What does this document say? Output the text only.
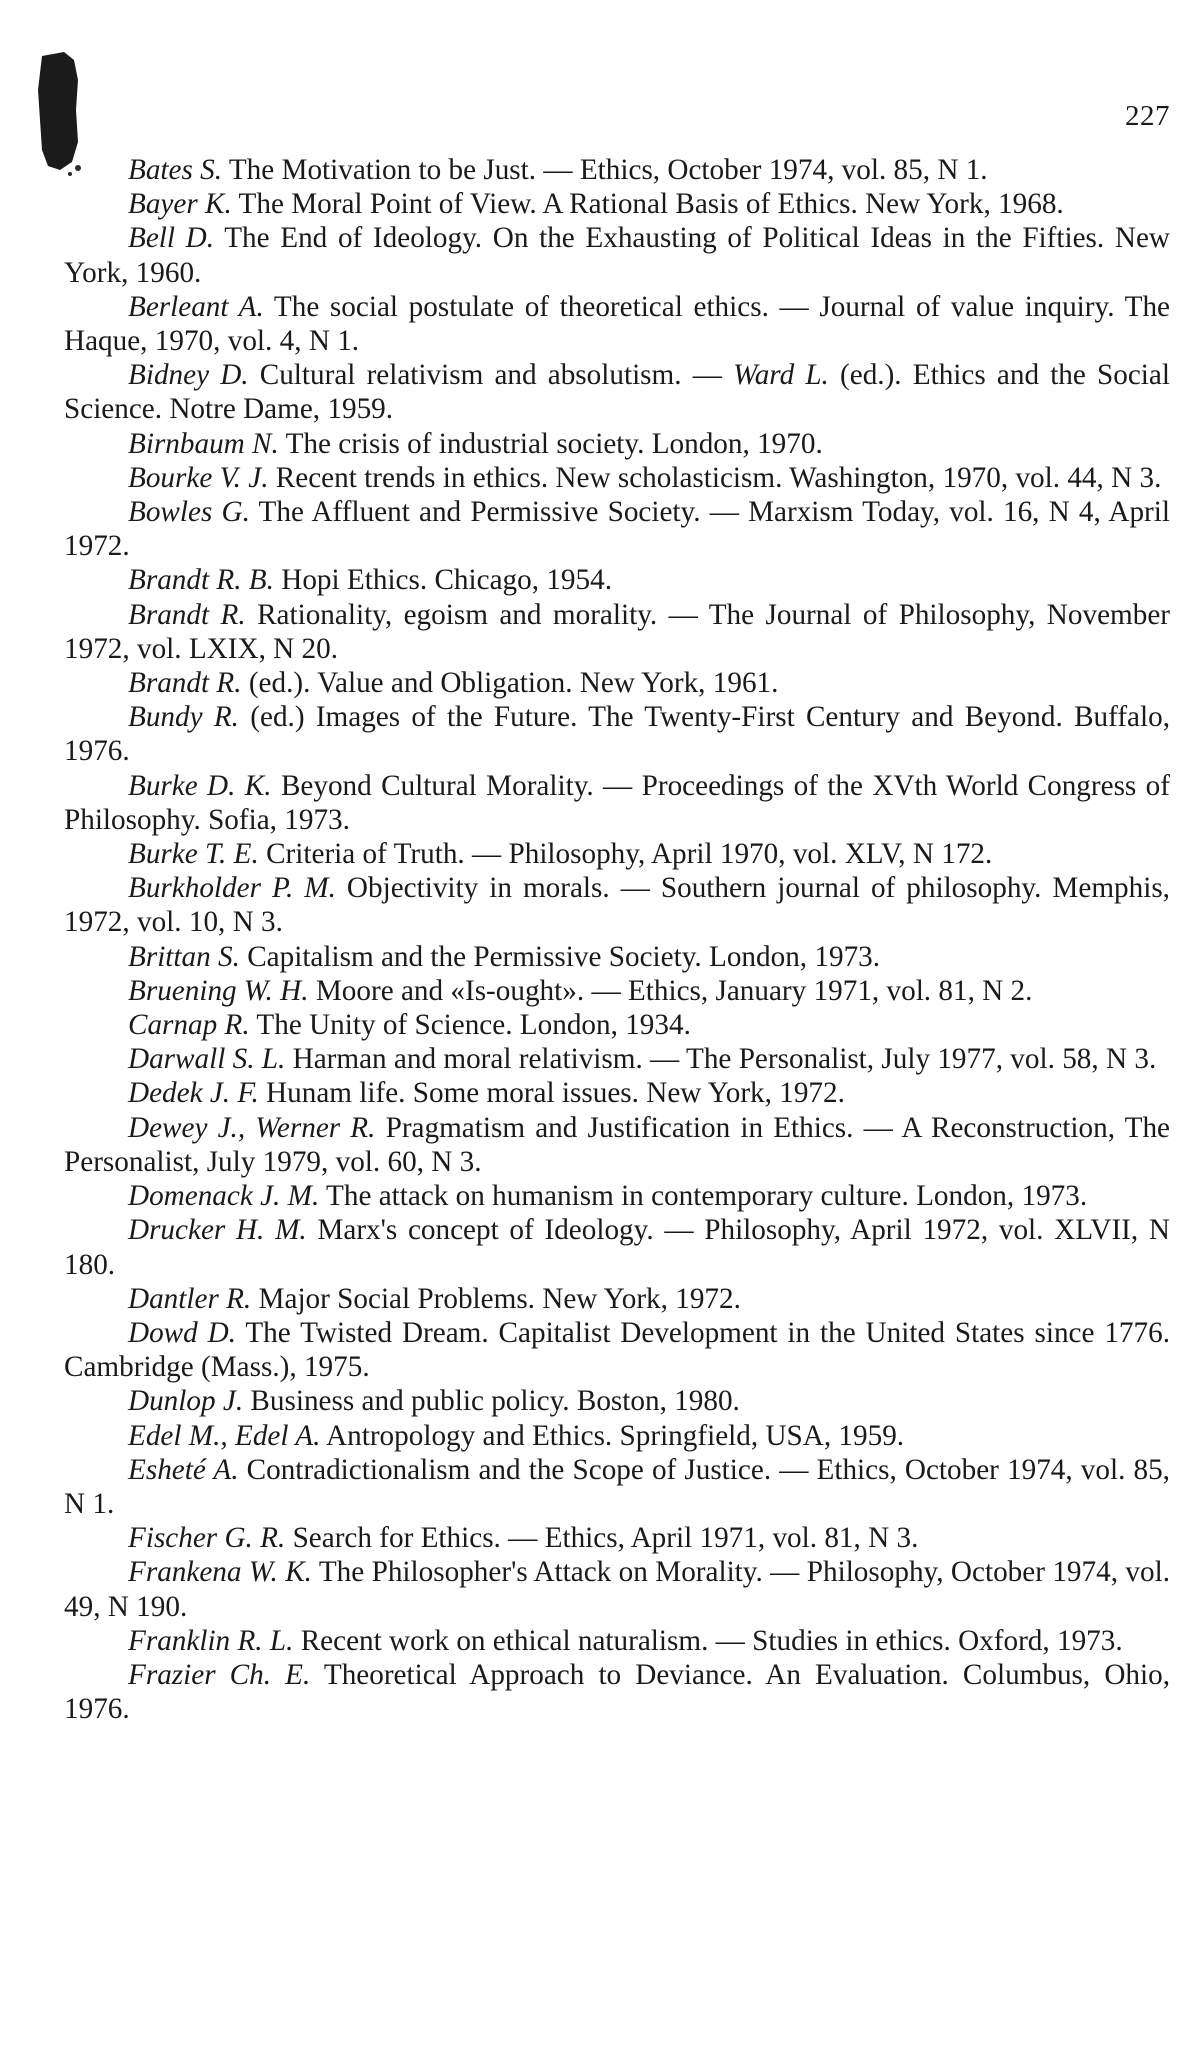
227

Bates S. The Motivation to be Just. — Ethics, October 1974, vol. 85, N 1.

Bayer K. The Moral Point of View. A Rational Basis of Ethics. New York, 1968.

Bell D. The End of Ideology. On the Exhausting of Political Ideas in the Fifties. New York, 1960.

Berleant A. The social postulate of theoretical ethics. — Journal of value inquiry. The Haque, 1970, vol. 4, N 1.

Bidney D. Cultural relativism and absolutism. — Ward L. (ed.). Ethics and the Social Science. Notre Dame, 1959.

Birnbaum N. The crisis of industrial society. London, 1970.

Bourke V. J. Recent trends in ethics. New scholasticism. Washington, 1970, vol. 44, N 3.

Bowles G. The Affluent and Permissive Society. — Marxism Today, vol. 16, N 4, April 1972.

Brandt R. B. Hopi Ethics. Chicago, 1954.

Brandt R. Rationality, egoism and morality. — The Journal of Philosophy, November 1972, vol. LXIX, N 20.

Brandt R. (ed.). Value and Obligation. New York, 1961.

Bundy R. (ed.) Images of the Future. The Twenty-First Century and Beyond. Buffalo, 1976.

Burke D. K. Beyond Cultural Morality. — Proceedings of the XVth World Congress of Philosophy. Sofia, 1973.

Burke T. E. Criteria of Truth. — Philosophy, April 1970, vol. XLV, N 172.

Burkholder P. M. Objectivity in morals. — Southern journal of philosophy. Memphis, 1972, vol. 10, N 3.

Brittan S. Capitalism and the Permissive Society. London, 1973.

Bruening W. H. Moore and «Is-ought». — Ethics, January 1971, vol. 81, N 2.

Carnap R. The Unity of Science. London, 1934.

Darwall S. L. Harman and moral relativism. — The Personalist, July 1977, vol. 58, N 3.

Dedek J. F. Hunam life. Some moral issues. New York, 1972.

Dewey J., Werner R. Pragmatism and Justification in Ethics. — A Reconstruction, The Personalist, July 1979, vol. 60, N 3.

Domenack J. M. The attack on humanism in contemporary culture. London, 1973.

Drucker H. M. Marx's concept of Ideology. — Philosophy, April 1972, vol. XLVII, N 180.

Dantler R. Major Social Problems. New York, 1972.

Dowd D. The Twisted Dream. Capitalist Development in the United States since 1776. Cambridge (Mass.), 1975.

Dunlop J. Business and public policy. Boston, 1980.

Edel M., Edel A. Antropology and Ethics. Springfield, USA, 1959.

Esheté A. Contradictionalism and the Scope of Justice. — Ethics, October 1974, vol. 85, N 1.

Fischer G. R. Search for Ethics. — Ethics, April 1971, vol. 81, N 3.

Frankena W. K. The Philosopher's Attack on Morality. — Philosophy, October 1974, vol. 49, N 190.

Franklin R. L. Recent work on ethical naturalism. — Studies in ethics. Oxford, 1973.

Frazier Ch. E. Theoretical Approach to Deviance. An Evaluation. Columbus, Ohio, 1976.
